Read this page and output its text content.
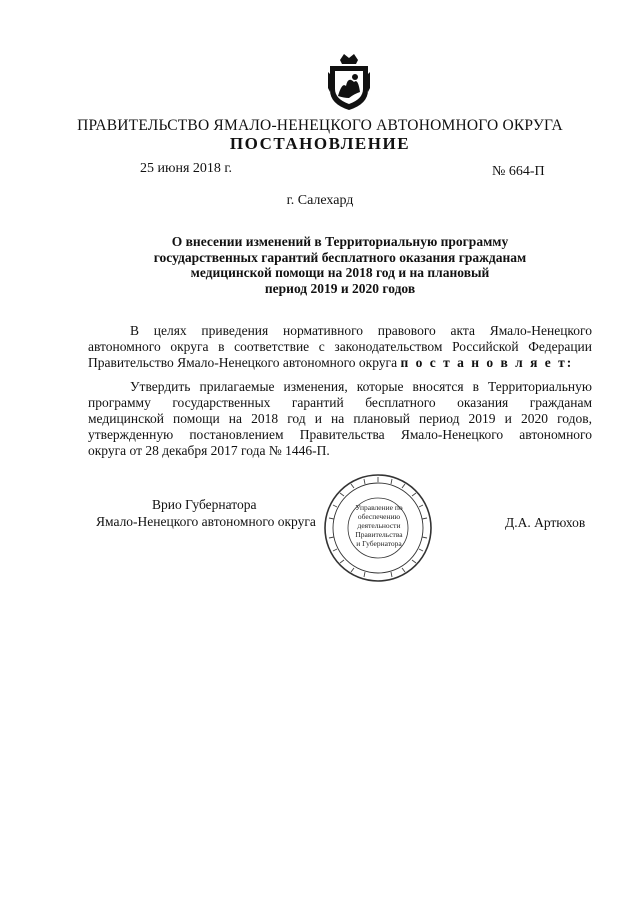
ПРАВИТЕЛЬСТВО ЯМАЛО-НЕНЕЦКОГО АВТОНОМНОГО ОКРУГА
ПОСТАНОВЛЕНИЕ
25 июня 2018 г.	№ 664-П
г. Салехард
О внесении изменений в Территориальную программу
государственных гарантий бесплатного оказания гражданам
медицинской помощи на 2018 год и на плановый
период 2019 и 2020 годов

В целях приведения нормативного правового акта Ямало-Ненецкого
автономного округа в соответствие с законодательством Российской Федерации
Правительство Ямало-Ненецкого автономного округа п о с т а н о в л я е т:

Утвердить прилагаемые изменения, которые вносятся в Территориальную
программу государственных гарантий бесплатного оказания гражданам
медицинской помощи на 2018 год и на плановый период 2019 и 2020 годов,
утвержденную постановлением Правительства Ямало-Ненецкого автономного
округа от 28 декабря 2017 года № 1446-П.

Врио Губернатора
Ямало-Ненецкого автономного округа	Д.А. Артюхов
Управление по
обеспечению
деятельности
Правительства
и Губернатора
